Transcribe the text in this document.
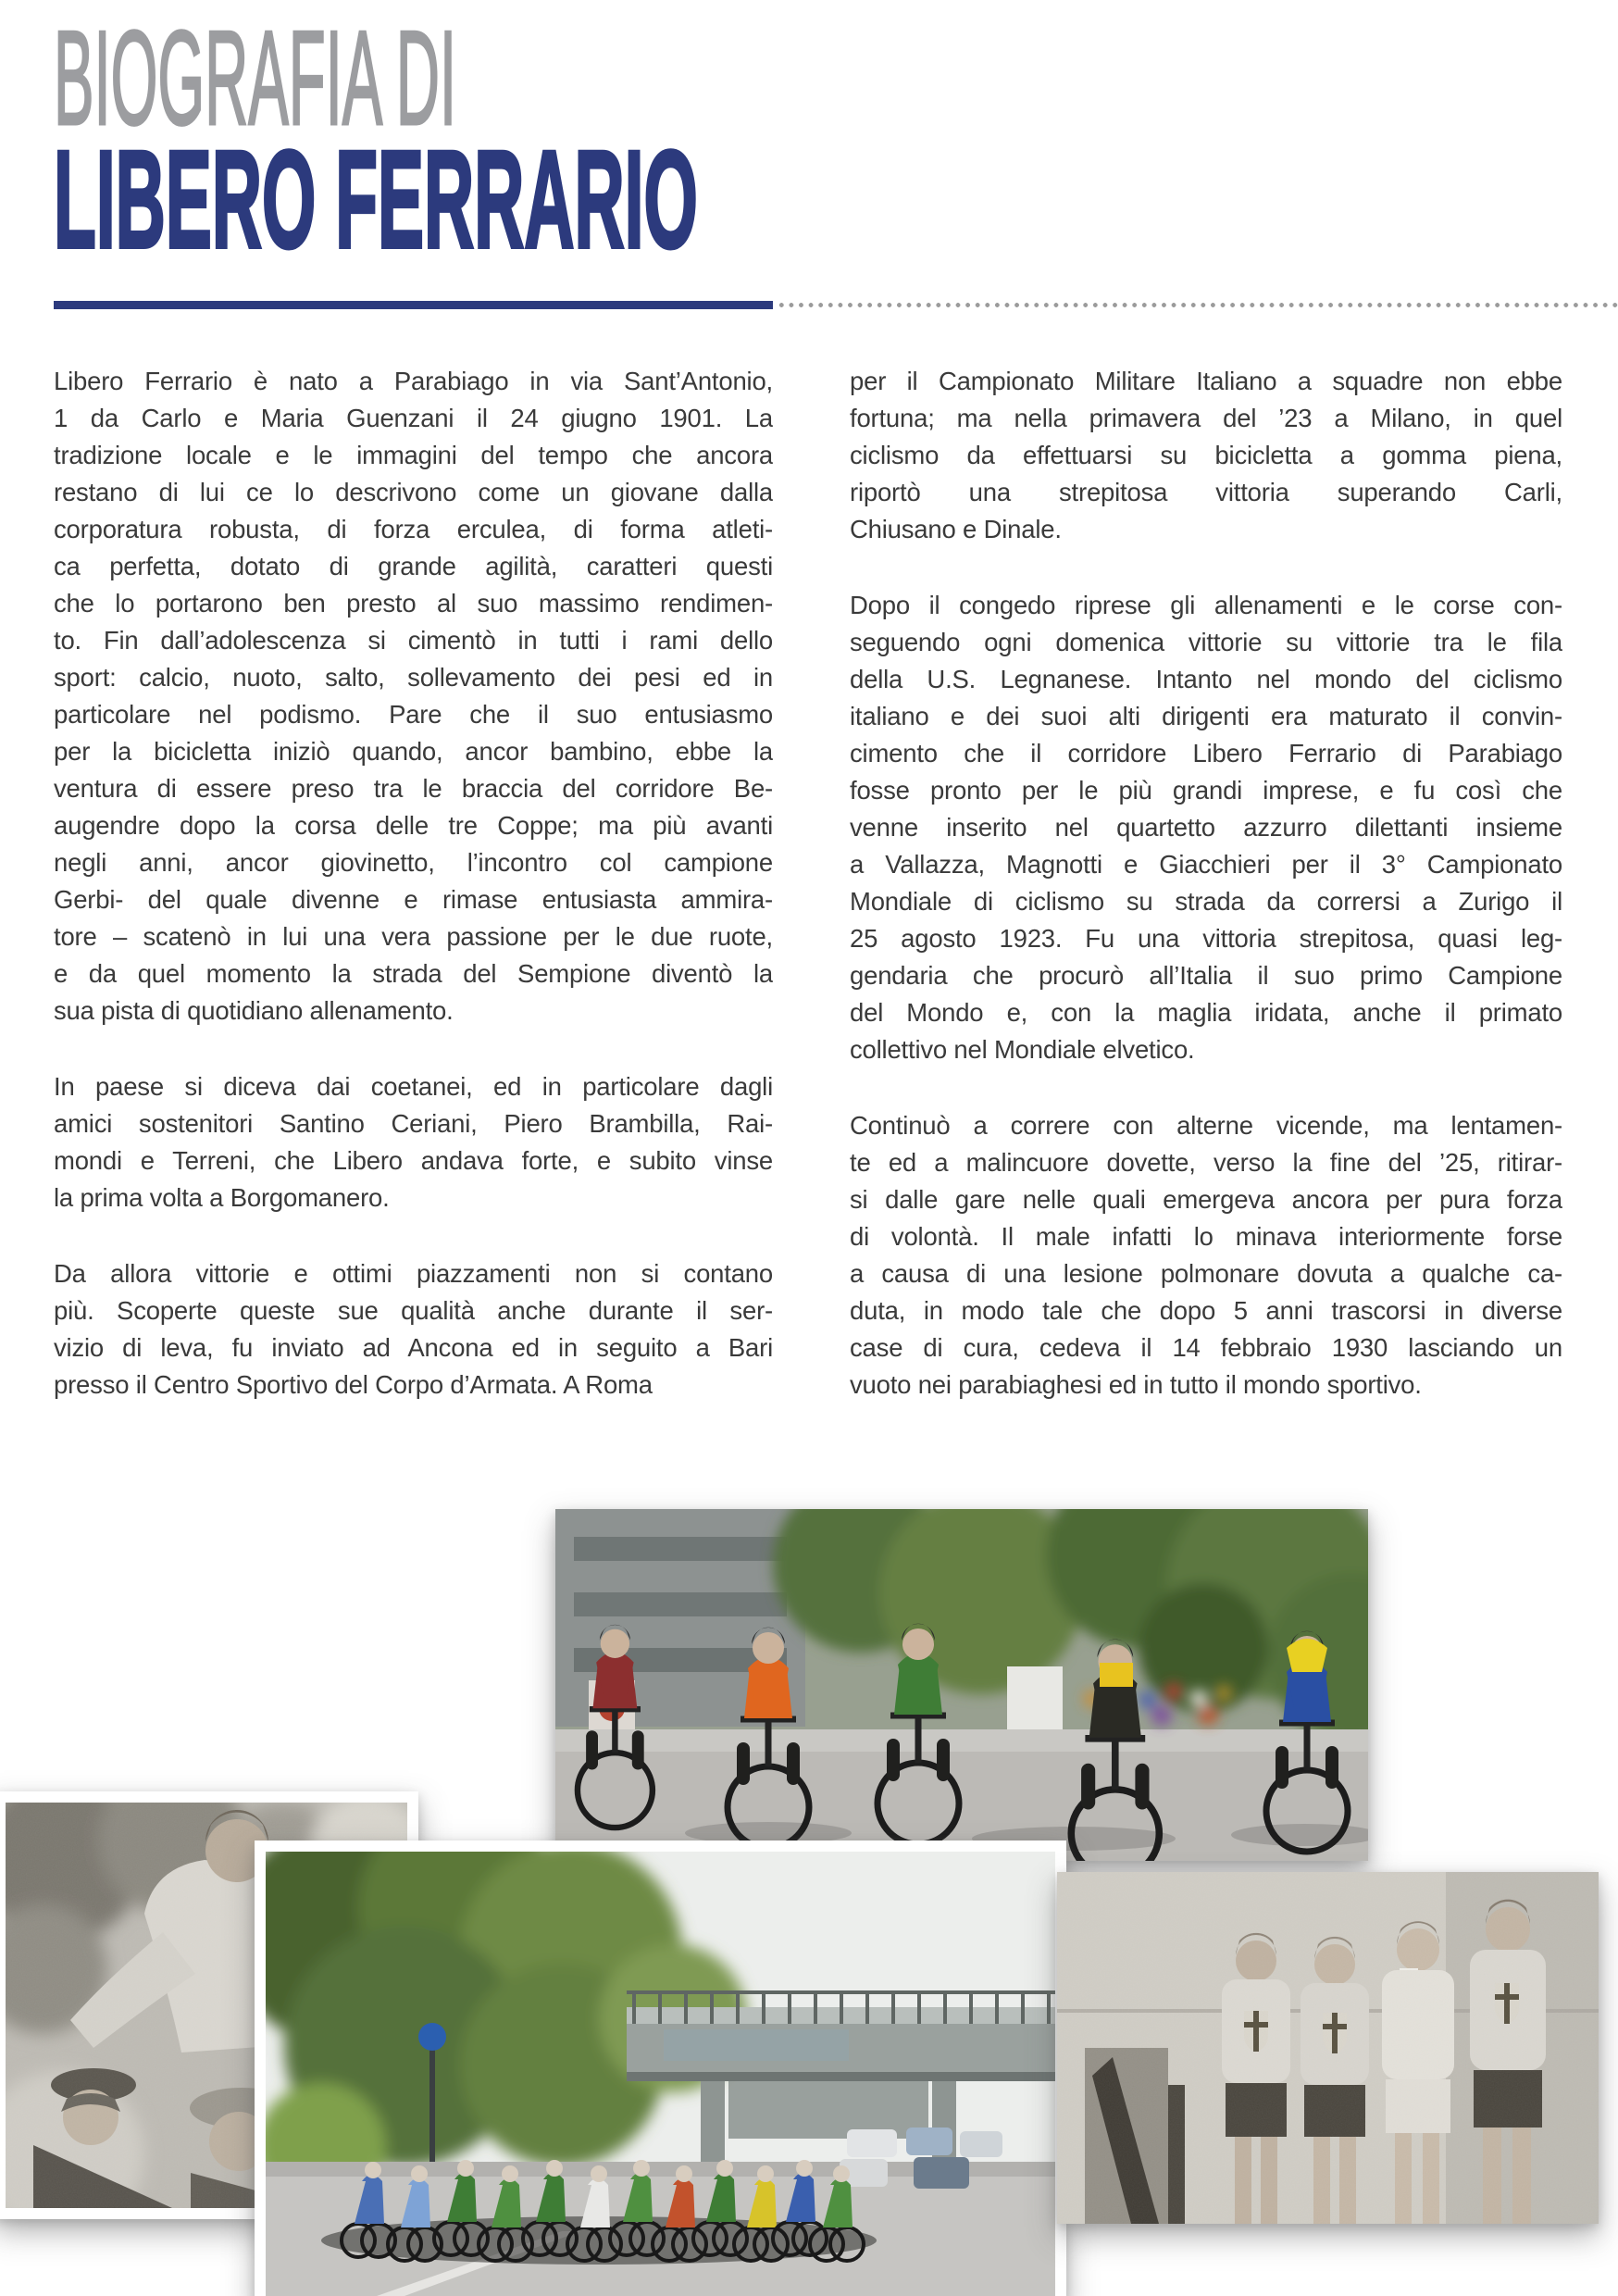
BIOGRAFIA DI
LIBERO FERRARIO
Libero Ferrario è nato a Parabiago in via Sant’Antonio,
1 da Carlo e Maria Guenzani il 24 giugno 1901. La
tradizione locale e le immagini del tempo che ancora
restano di lui ce lo descrivono come un giovane dalla
corporatura robusta, di forza erculea, di forma atleti-
ca perfetta, dotato di grande agilità, caratteri questi
che lo portarono ben presto al suo massimo rendimen-
to. Fin dall’adolescenza si cimentò in tutti i rami dello
sport: calcio, nuoto, salto, sollevamento dei pesi ed in
particolare nel podismo. Pare che il suo entusiasmo
per la bicicletta iniziò quando, ancor bambino, ebbe la
ventura di essere preso tra le braccia del corridore Be-
augendre dopo la corsa delle tre Coppe; ma più avanti
negli anni, ancor giovinetto, l’incontro col campione
Gerbi- del quale divenne e rimase entusiasta ammira-
tore – scatenò in lui una vera passione per le due ruote,
e da quel momento la strada del Sempione diventò la
sua pista di quotidiano allenamento.
In paese si diceva dai coetanei, ed in particolare dagli
amici sostenitori Santino Ceriani, Piero Brambilla, Rai-
mondi e Terreni, che Libero andava forte, e subito vinse
la prima volta a Borgomanero.
Da allora vittorie e ottimi piazzamenti non si contano
più. Scoperte queste sue qualità anche durante il ser-
vizio di leva, fu inviato ad Ancona ed in seguito a Bari
presso il Centro Sportivo del Corpo d’Armata. A Roma
per il Campionato Militare Italiano a squadre non ebbe
fortuna; ma nella primavera del ’23 a Milano, in quel
ciclismo da effettuarsi su bicicletta a gomma piena,
riportò una strepitosa vittoria superando Carli,
Chiusano e Dinale.
Dopo il congedo riprese gli allenamenti e le corse con-
seguendo ogni domenica vittorie su vittorie tra le fila
della U.S. Legnanese. Intanto nel mondo del ciclismo
italiano e dei suoi alti dirigenti era maturato il convin-
cimento che il corridore Libero Ferrario di Parabiago
fosse pronto per le più grandi imprese, e fu così che
venne inserito nel quartetto azzurro dilettanti insieme
a Vallazza, Magnotti e Giacchieri per il 3° Campionato
Mondiale di ciclismo su strada da corrersi a Zurigo il
25 agosto 1923. Fu una vittoria strepitosa, quasi leg-
gendaria che procurò all’Italia il suo primo Campione
del Mondo e, con la maglia iridata, anche il primato
collettivo nel Mondiale elvetico.
Continuò a correre con alterne vicende, ma lentamen-
te ed a malincuore dovette, verso la fine del ’25, ritirar-
si dalle gare nelle quali emergeva ancora per pura forza
di volontà. Il male infatti lo minava interiormente forse
a causa di una lesione polmonare dovuta a qualche ca-
duta, in modo tale che dopo 5 anni trascorsi in diverse
case di cura, cedeva il 14 febbraio 1930 lasciando un
vuoto nei parabiaghesi ed in tutto il mondo sportivo.
